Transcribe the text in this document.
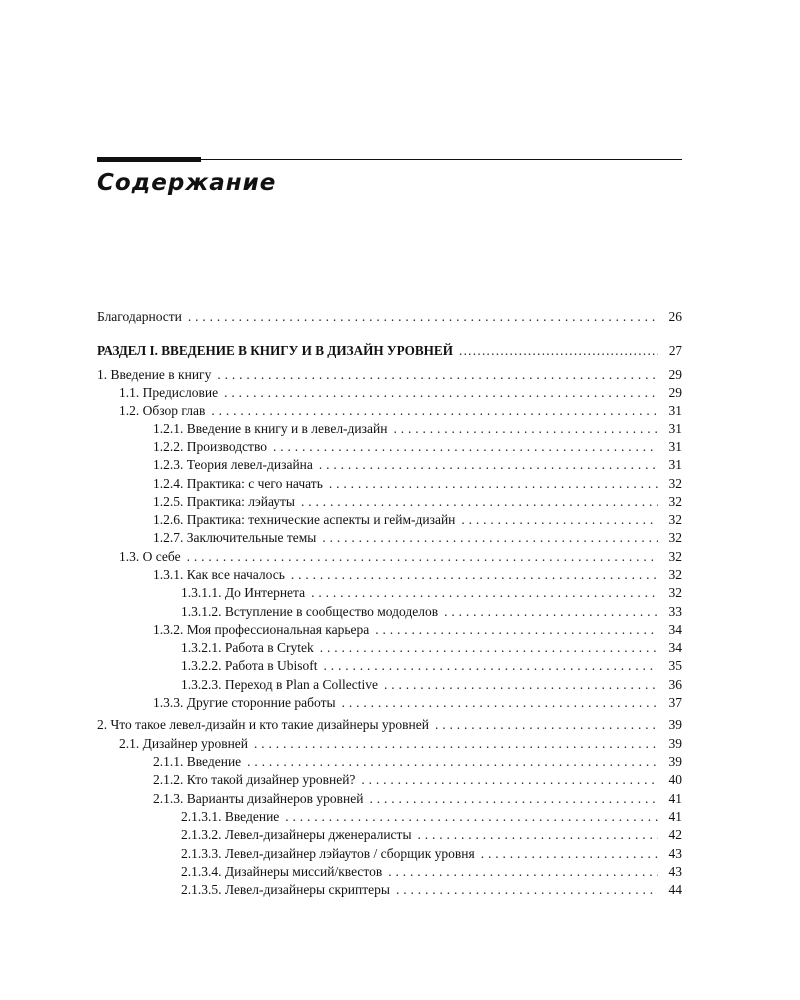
Содержание
Благодарности . . .	26
РАЗДЕЛ I. ВВЕДЕНИЕ В КНИГУ И В ДИЗАЙН УРОВНЕЙ .....	27
1. Введение в книгу . . .	29
1.1. Предисловие . . .	29
1.2. Обзор глав . . .	31
1.2.1. Введение в книгу и в левел-дизайн . . .	31
1.2.2. Производство . . .	31
1.2.3. Теория левел-дизайна . . .	31
1.2.4. Практика: с чего начать . . .	32
1.2.5. Практика: лэйауты . . .	32
1.2.6. Практика: технические аспекты и гейм-дизайн . . .	32
1.2.7. Заключительные темы . . .	32
1.3. О себе . . .	32
1.3.1. Как все началось . . .	32
1.3.1.1. До Интернета . . .	32
1.3.1.2. Вступление в сообщество мододелов . . .	33
1.3.2. Моя профессиональная карьера . . .	34
1.3.2.1. Работа в Crytek . . .	34
1.3.2.2. Работа в Ubisoft . . .	35
1.3.2.3. Переход в Plan a Collective . . .	36
1.3.3. Другие сторонние работы . . .	37
2. Что такое левел-дизайн и кто такие дизайнеры уровней . . .	39
2.1. Дизайнер уровней . . .	39
2.1.1. Введение . . .	39
2.1.2. Кто такой дизайнер уровней? . . .	40
2.1.3. Варианты дизайнеров уровней . . .	41
2.1.3.1. Введение . . .	41
2.1.3.2. Левел-дизайнеры дженералисты . . .	42
2.1.3.3. Левел-дизайнер лэйаутов / сборщик уровня . . .	43
2.1.3.4. Дизайнеры миссий/квестов . . .	43
2.1.3.5. Левел-дизайнеры скриптеры . . .	44
